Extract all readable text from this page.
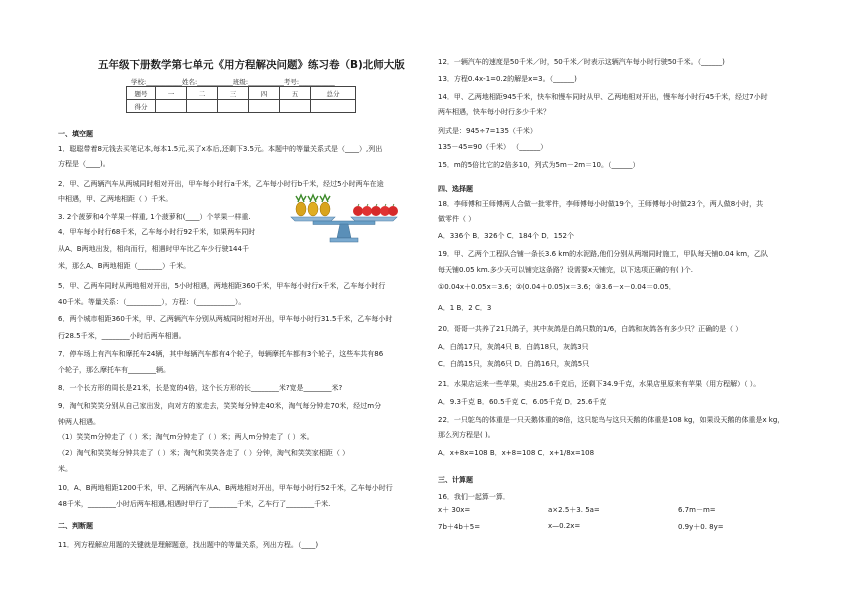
五年级下册数学第七单元《用方程解决问题》练习卷（B)北师大版
学校:___________姓名:___________班级:___________考号:___________
题号	一	二	三	四	五	总分
得分						
一、填空题
1．聪聪带着8元钱去买笔记本,每本1.5元,买了x本后,还剩下3.5元。本题中的等量关系式是（____）,列出
方程是（____)。
2．甲、乙两辆汽车从两城同时相对开出，甲车每小时行a千米，乙车每小时行b千米，经过5小时两车在途
中相遇，甲、乙两地相距（ ）千米。
3. 2个菠萝和4个苹果一样重, 1个菠萝和(____）个苹果一样重.
4．甲车每小时行68千米，乙车每小时行92千米，如果两车同时
从A、B两地出发，相向而行，相遇时甲车比乙车少行驶144千
米，那么A、B两地相距（_______）千米。
5．甲、乙两车同时从两地相对开出，5小时相遇，两地相距360千米，甲车每小时行x千米，乙车每小时行
40千米。等量关系：（__________），方程：（___________）。
6．两个城市相距360千米，甲、乙两辆汽车分别从两城同时相对开出，甲车每小时行31.5千米，乙车每小时
行28.5千米，________小时后两车相遇。
7．停车场上有汽车和摩托车24辆，其中每辆汽车都有4个轮子，每辆摩托车都有3个轮子，这些车共有86
个轮子，那么摩托车有________辆。
8．一个长方形的周长是21米，长是宽的4倍，这个长方形的长________米?宽是________米?
9．淘气和笑笑分别从自己家出发，向对方的家走去，笑笑每分钟走40米，淘气每分钟走70米，经过m分
钟两人相遇。
（1）笑笑m分钟走了（ ）米；淘气m分钟走了（ ）米；两人m分钟走了（ ）米。
（2）淘气和笑笑每分钟共走了（ ）米；淘气和笑笑各走了（ ）分钟，淘气和笑笑家相距（ ）
米。
10．A、B两地相距1200千米，甲、乙两辆汽车从A、B两地相对开出，甲车每小时行52千米，乙车每小时行
48千米，________小时后两车相遇,相遇时甲行了________千米，乙车行了________千米.
二、判断题
11．列方程解应用题的关键就是理解题意，找出题中的等量关系，列出方程。（____)
12．一辆汽车的速度是50千米／时，50千米／时表示这辆汽车每小时行驶50千米。（______)
13．方程0.4x-1=0.2的解是x=3。（______)
14．甲、乙两地相距945千米，快车和慢车同时从甲、乙两地相对开出，慢车每小时行45千米，经过7小时
两车相遇，快车每小时行多少千米？
列式是：945÷7=135（千米）
135－45=90（千米） （______）
15．m的5倍比它的2倍多10，列式为5m－2m＝10。（______）
四、选择题
18．李师傅和王师傅两人合做一批零件，李师傅每小时做19个，王师傅每小时做23个，两人做8小时，共
做零件（ ）
A．336个 B．326个 C．184个 D．152个
19．甲、乙两个工程队合铺一条长3.6 km的水泥路,他们分别从两端同时施工，甲队每天铺0.04 km，乙队
每天铺0.05 km.多少天可以铺完这条路？设需要x天铺完，以下选项正确的有( )个.
①0.04x＋0.05x＝3.6；②(0.04＋0.05)x＝3.6；③3.6－x－0.04＝0.05．
A．1 B．2 C．3
20．哥哥一共养了21只鸽子，其中灰鸽是白鸽只数的1/6，白鸽和灰鸽各有多少只？正确的是（ ）
A．白鸽17只，灰鸽4只 B．白鸽18只，灰鸽3只
C．白鸽15只，灰鸽6只 D．白鸽16只，灰鸽5只
21．水果店运来一些苹果，卖出25.6千克后，还剩下34.9千克，水果店里原来有苹果（用方程解）（ ）。
A．9.3千克 B．60.5千克 C．6.05千克 D．25.6千克
22．一只鸵鸟的体重是一只天鹅体重的8倍，这只鸵鸟与这只天鹅的体重是108 kg，如果设天鹅的体重是x kg，
那么列方程是( )。
A．x+8x=108 B．x+8=108 C．x+1/8x=108
三、计算题
16．我们一起算一算．
x＋ 30x=	a×2.5＋3. 5a=	6.7m－m=
7b＋4b＋5=	x—0.2x=	0.9y＋0. 8y=
